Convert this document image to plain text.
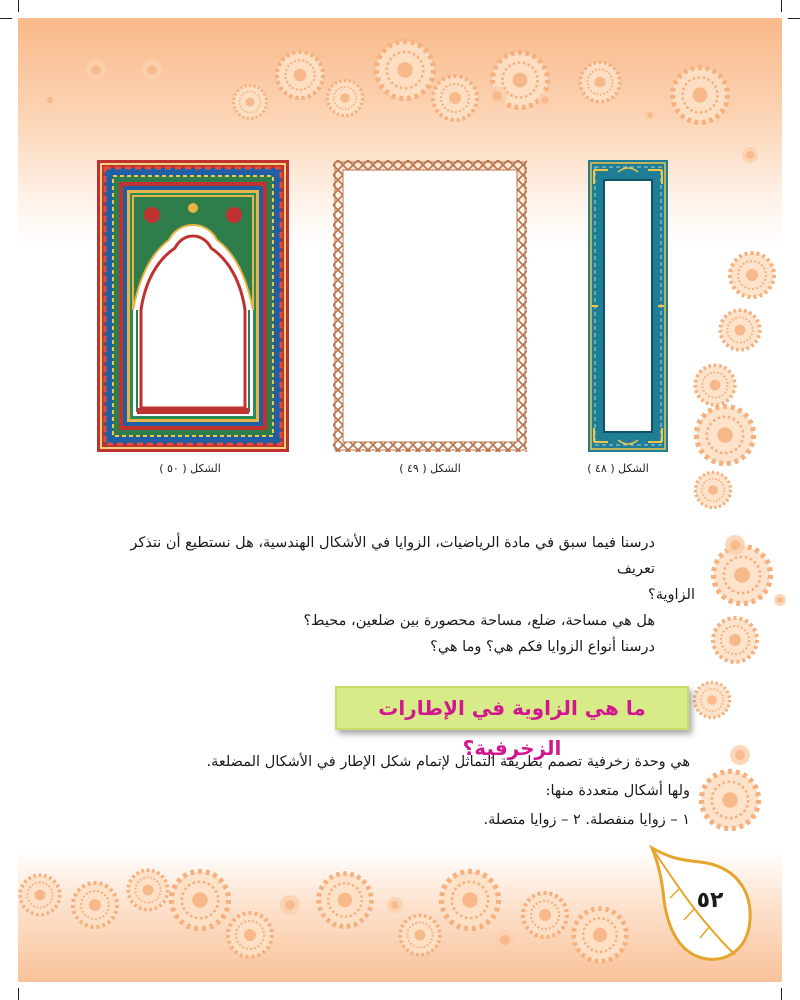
الشكل ( ٥٠ )	الشكل ( ٤٩ )	الشكل ( ٤٨ )

درسنا فيما سبق في مادة الرياضيات، الزوايا في الأشكال الهندسية، هل نستطيع أن نتذكر تعريف

الزاوية؟

هل هي مساحة، ضلع، مساحة محصورة بين ضلعين، محيط؟

درسنا أنواع الزوايا فكم هي؟ وما هي؟

ما هي الزاوية في الإطارات الزخرفية؟

هي وحدة زخرفية تصمم بطريقة التماثل لإتمام شكل الإطار في الأشكال المضلعة.

ولها أشكال متعددة منها:

١ – زوايا منفصلة. ٢ – زوايا متصلة.

٥٢
